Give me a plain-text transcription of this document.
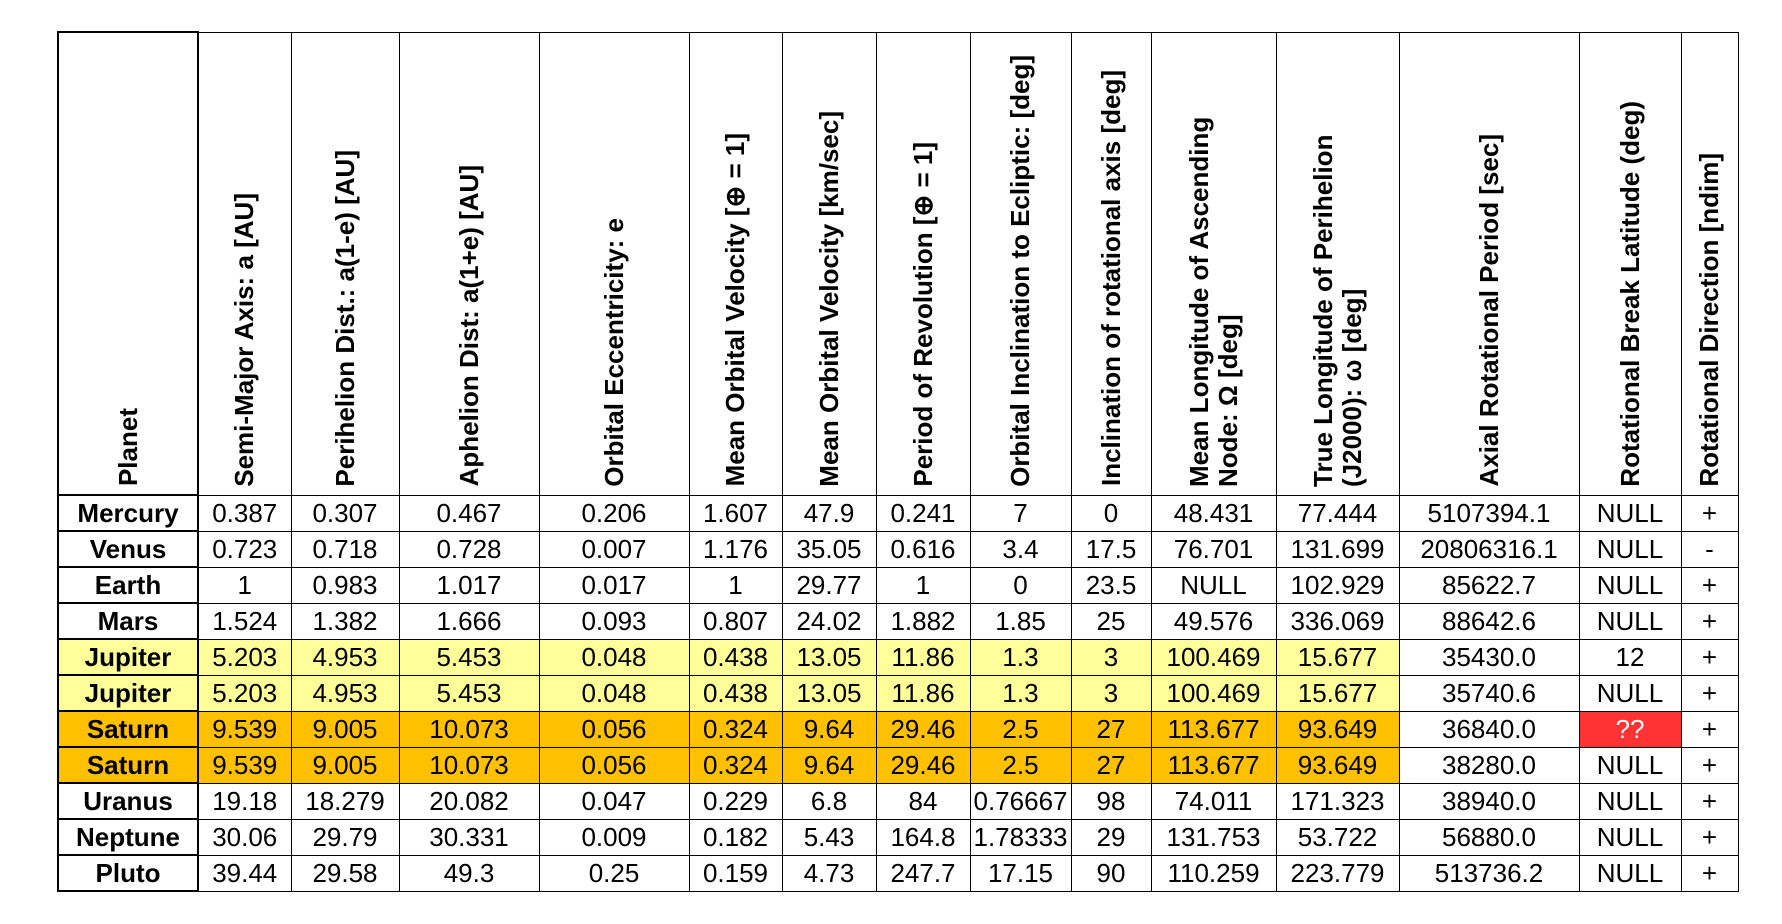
Planet	Semi-Major Axis: a [AU]	Perihelion Dist.: a(1-e) [AU]	Aphelion Dist: a(1+e) [AU]	Orbital Eccentricity: e	Mean Orbital Velocity [⊕ = 1]	Mean Orbital Velocity [km/sec]	Period of Revolution [⊕ = 1]	Orbital Inclination to Ecliptic: [deg]	Inclination of rotational axis [deg]	Mean Longitude of Ascending Node: Ω [deg]	True Longitude of Perihelion (J2000): ω [deg]	Axial Rotational Period [sec]	Rotational Break Latitude (deg)	Rotational Direction [ndim]
Mercury	0.387	0.307	0.467	0.206	1.607	47.9	0.241	7	0	48.431	77.444	5107394.1	NULL	+
Venus	0.723	0.718	0.728	0.007	1.176	35.05	0.616	3.4	17.5	76.701	131.699	20806316.1	NULL	-
Earth	1	0.983	1.017	0.017	1	29.77	1	0	23.5	NULL	102.929	85622.7	NULL	+
Mars	1.524	1.382	1.666	0.093	0.807	24.02	1.882	1.85	25	49.576	336.069	88642.6	NULL	+
Jupiter	5.203	4.953	5.453	0.048	0.438	13.05	11.86	1.3	3	100.469	15.677	35430.0	12	+
Jupiter	5.203	4.953	5.453	0.048	0.438	13.05	11.86	1.3	3	100.469	15.677	35740.6	NULL	+
Saturn	9.539	9.005	10.073	0.056	0.324	9.64	29.46	2.5	27	113.677	93.649	36840.0	??	+
Saturn	9.539	9.005	10.073	0.056	0.324	9.64	29.46	2.5	27	113.677	93.649	38280.0	NULL	+
Uranus	19.18	18.279	20.082	0.047	0.229	6.8	84	0.76667	98	74.011	171.323	38940.0	NULL	+
Neptune	30.06	29.79	30.331	0.009	0.182	5.43	164.8	1.78333	29	131.753	53.722	56880.0	NULL	+
Pluto	39.44	29.58	49.3	0.25	0.159	4.73	247.7	17.15	90	110.259	223.779	513736.2	NULL	+
